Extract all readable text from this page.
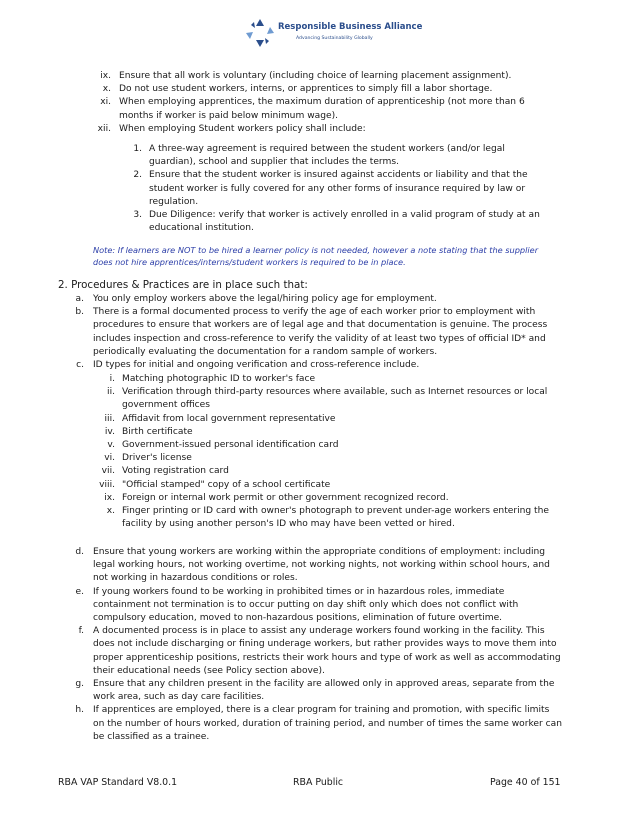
Responsible Business Alliance
Advancing Sustainability Globally
ix. Ensure that all work is voluntary (including choice of learning placement assignment).
x. Do not use student workers, interns, or apprentices to simply fill a labor shortage.
xi. When employing apprentices, the maximum duration of apprenticeship (not more than 6 months if worker is paid below minimum wage).
xii. When employing Student workers policy shall include:
1. A three-way agreement is required between the student workers (and/or legal guardian), school and supplier that includes the terms.
2. Ensure that the student worker is insured against accidents or liability and that the student worker is fully covered for any other forms of insurance required by law or regulation.
3. Due Diligence: verify that worker is actively enrolled in a valid program of study at an educational institution.
Note: If learners are NOT to be hired a learner policy is not needed, however a note stating that the supplier does not hire apprentices/interns/student workers is required to be in place.
2. Procedures & Practices are in place such that:
a. You only employ workers above the legal/hiring policy age for employment.
b. There is a formal documented process to verify the age of each worker prior to employment with procedures to ensure that workers are of legal age and that documentation is genuine. The process includes inspection and cross-reference to verify the validity of at least two types of official ID* and periodically evaluating the documentation for a random sample of workers.
c. ID types for initial and ongoing verification and cross-reference include.
i. Matching photographic ID to worker's face
ii. Verification through third-party resources where available, such as Internet resources or local government offices
iii. Affidavit from local government representative
iv. Birth certificate
v. Government-issued personal identification card
vi. Driver's license
vii. Voting registration card
viii. "Official stamped" copy of a school certificate
ix. Foreign or internal work permit or other government recognized record.
x. Finger printing or ID card with owner's photograph to prevent under-age workers entering the facility by using another person's ID who may have been vetted or hired.
d. Ensure that young workers are working within the appropriate conditions of employment: including legal working hours, not working overtime, not working nights, not working within school hours, and not working in hazardous conditions or roles.
e. If young workers found to be working in prohibited times or in hazardous roles, immediate containment not termination is to occur putting on day shift only which does not conflict with compulsory education, moved to non-hazardous positions, elimination of future overtime.
f. A documented process is in place to assist any underage workers found working in the facility. This does not include discharging or fining underage workers, but rather provides ways to move them into proper apprenticeship positions, restricts their work hours and type of work as well as accommodating their educational needs (see Policy section above).
g. Ensure that any children present in the facility are allowed only in approved areas, separate from the work area, such as day care facilities.
h. If apprentices are employed, there is a clear program for training and promotion, with specific limits on the number of hours worked, duration of training period, and number of times the same worker can be classified as a trainee.
RBA VAP Standard V8.0.1	RBA Public	Page 40 of 151
